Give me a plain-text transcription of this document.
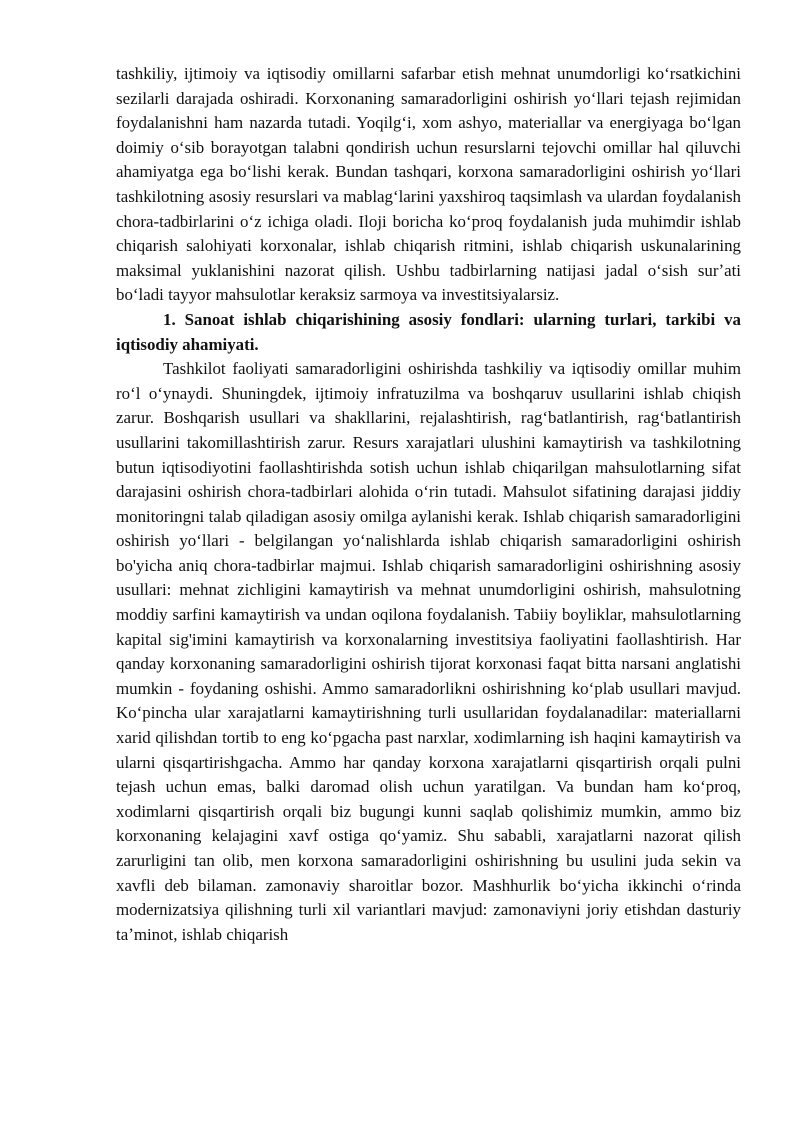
tashkiliy, ijtimoiy va iqtisodiy omillarni safarbar etish mehnat unumdorligi koʻrsatkichini sezilarli darajada oshiradi. Korxonaning samaradorligini oshirish yoʻllari tejash rejimidan foydalanishni ham nazarda tutadi. Yoqilgʻi, xom ashyo, materiallar va energiyaga boʻlgan doimiy oʻsib borayotgan talabni qondirish uchun resurslarni tejovchi omillar hal qiluvchi ahamiyatga ega boʻlishi kerak. Bundan tashqari, korxona samaradorligini oshirish yoʻllari tashkilotning asosiy resurslari va mablagʻlarini yaxshiroq taqsimlash va ulardan foydalanish chora-tadbirlarini oʻz ichiga oladi. Iloji boricha koʻproq foydalanish juda muhimdir ishlab chiqarish salohiyati korxonalar, ishlab chiqarish ritmini, ishlab chiqarish uskunalarining maksimal yuklanishini nazorat qilish. Ushbu tadbirlarning natijasi jadal oʻsish surʼati boʻladi tayyor mahsulotlar keraksiz sarmoya va investitsiyalarsiz.

1. Sanoat ishlab chiqarishining asosiy fondlari: ularning turlari, tarkibi va iqtisodiy ahamiyati.

Tashkilot faoliyati samaradorligini oshirishda tashkiliy va iqtisodiy omillar muhim roʻl oʻynaydi. Shuningdek, ijtimoiy infratuzilma va boshqaruv usullarini ishlab chiqish zarur. Boshqarish usullari va shakllarini, rejalashtirish, ragʻbatlantirish, ragʻbatlantirish usullarini takomillashtirish zarur. Resurs xarajatlari ulushini kamaytirish va tashkilotning butun iqtisodiyotini faollashtirishda sotish uchun ishlab chiqarilgan mahsulotlarning sifat darajasini oshirish chora-tadbirlari alohida oʻrin tutadi. Mahsulot sifatining darajasi jiddiy monitoringni talab qiladigan asosiy omilga aylanishi kerak. Ishlab chiqarish samaradorligini oshirish yoʻllari - belgilangan yoʻnalishlarda ishlab chiqarish samaradorligini oshirish bo'yicha aniq chora-tadbirlar majmui. Ishlab chiqarish samaradorligini oshirishning asosiy usullari: mehnat zichligini kamaytirish va mehnat unumdorligini oshirish, mahsulotning moddiy sarfini kamaytirish va undan oqilona foydalanish. Tabiiy boyliklar, mahsulotlarning kapital sig'imini kamaytirish va korxonalarning investitsiya faoliyatini faollashtirish. Har qanday korxonaning samaradorligini oshirish tijorat korxonasi faqat bitta narsani anglatishi mumkin - foydaning oshishi. Ammo samaradorlikni oshirishning koʻplab usullari mavjud. Koʻpincha ular xarajatlarni kamaytirishning turli usullaridan foydalanadilar: materiallarni xarid qilishdan tortib to eng koʻpgacha past narxlar, xodimlarning ish haqini kamaytirish va ularni qisqartirishgacha. Ammo har qanday korxona xarajatlarni qisqartirish orqali pulni tejash uchun emas, balki daromad olish uchun yaratilgan. Va bundan ham koʻproq, xodimlarni qisqartirish orqali biz bugungi kunni saqlab qolishimiz mumkin, ammo biz korxonaning kelajagini xavf ostiga qoʻyamiz. Shu sababli, xarajatlarni nazorat qilish zarurligini tan olib, men korxona samaradorligini oshirishning bu usulini juda sekin va xavfli deb bilaman. zamonaviy sharoitlar bozor. Mashhurlik boʻyicha ikkinchi oʻrinda modernizatsiya qilishning turli xil variantlari mavjud: zamonaviyni joriy etishdan dasturiy taʼminot, ishlab chiqarish
